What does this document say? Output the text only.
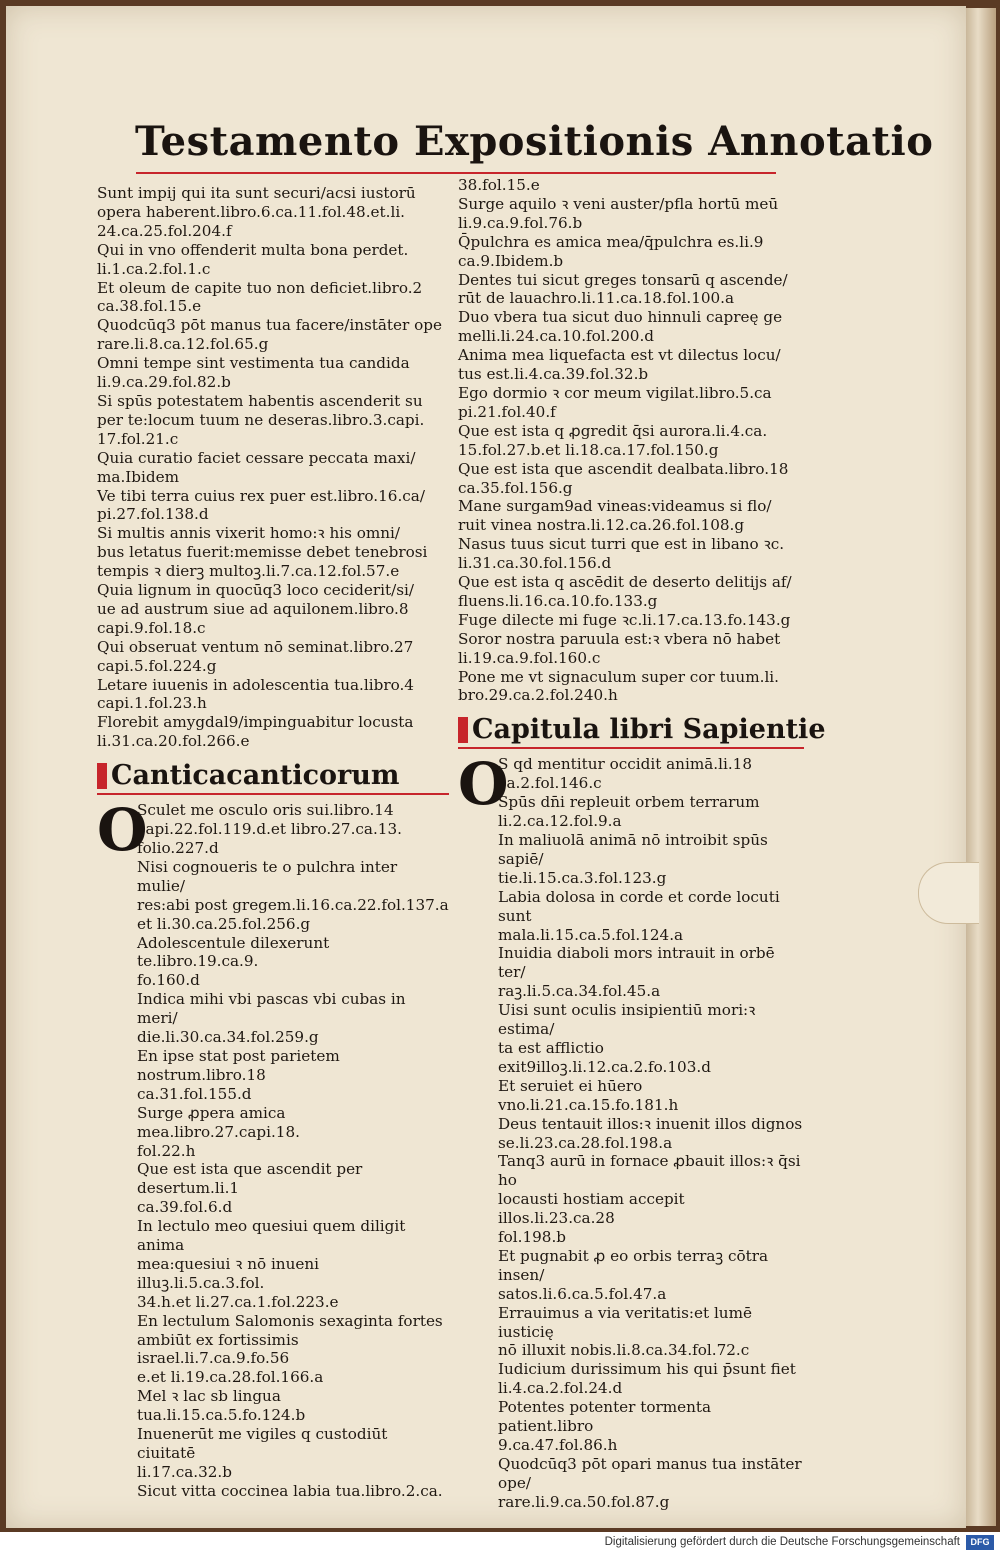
Testamento Expositionis Annotatio

Sunt impij qui ita sunt securi/acsi iustorū
opera haberent.libro.6.ca.11.fol.48.et.li.
24.ca.25.fol.204.f

Qui in vno offenderit multa bona perdet.
li.1.ca.2.fol.1.c

Et oleum de capite tuo non deficiet.libro.2
ca.38.fol.15.e

Quodcūq3 pōt manus tua facere/instāter ope
rare.li.8.ca.12.fol.65.g

Omni tempe sint vestimenta tua candida
li.9.ca.29.fol.82.b

Si spūs potestatem habentis ascenderit su
per te:locum tuum ne deseras.libro.3.capi.
17.fol.21.c

Quia curatio faciet cessare peccata maxi/
ma.Ibidem

Ve tibi terra cuius rex puer est.libro.16.ca/
pi.27.fol.138.d

Si multis annis vixerit homo:ꝛ his omni/
bus letatus fuerit:memisse debet tenebrosi
tempis ꝛ dierꝫ multoꝫ.li.7.ca.12.fol.57.e

Quia lignum in quocūq3 loco ceciderit/si/
ue ad austrum siue ad aquilonem.libro.8
capi.9.fol.18.c

Qui obseruat ventum nō seminat.libro.27
capi.5.fol.224.g

Letare iuuenis in adolescentia tua.libro.4
capi.1.fol.23.h

Florebit amygdal9/impinguabitur locusta
li.31.ca.20.fol.266.e

Canticacanticorum
O

Sculet me osculo oris sui.libro.14
capi.22.fol.119.d.et libro.27.ca.13.
folio.227.d

Nisi cognoueris te o pulchra inter mulie/
res:abi post gregem.li.16.ca.22.fol.137.a
et li.30.ca.25.fol.256.g

Adolescentule dilexerunt te.libro.19.ca.9.
fo.160.d

Indica mihi vbi pascas vbi cubas in meri/
die.li.30.ca.34.fol.259.g

En ipse stat post parietem nostrum.libro.18
ca.31.fol.155.d

Surge ꝓpera amica mea.libro.27.capi.18.
fol.22.h

Que est ista que ascendit per desertum.li.1
ca.39.fol.6.d

In lectulo meo quesiui quem diligit anima
mea:quesiui ꝛ nō inueni illuꝫ.li.5.ca.3.fol.
34.h.et li.27.ca.1.fol.223.e

En lectulum Salomonis sexaginta fortes
ambiūt ex fortissimis israel.li.7.ca.9.fo.56
e.et li.19.ca.28.fol.166.a

Mel ꝛ lac sb lingua tua.li.15.ca.5.fo.124.b

Inuenerūt me vigiles q custodiūt ciuitatē
li.17.ca.32.b

Sicut vitta coccinea labia tua.libro.2.ca.

38.fol.15.e

Surge aquilo ꝛ veni auster/pfla hortū meū
li.9.ca.9.fol.76.b

Q̄pulchra es amica mea/q̄pulchra es.li.9
ca.9.Ibidem.b

Dentes tui sicut greges tonsarū q ascende/
rūt de lauachro.li.11.ca.18.fol.100.a

Duo vbera tua sicut duo hinnuli capreę ge
melli.li.24.ca.10.fol.200.d

Anima mea liquefacta est vt dilectus locu/
tus est.li.4.ca.39.fol.32.b

Ego dormio ꝛ cor meum vigilat.libro.5.ca
pi.21.fol.40.f

Que est ista q ꝓgredit q̄si aurora.li.4.ca.
15.fol.27.b.et li.18.ca.17.fol.150.g

Que est ista que ascendit dealbata.libro.18
ca.35.fol.156.g

Mane surgam9ad vineas:videamus si flo/
ruit vinea nostra.li.12.ca.26.fol.108.g

Nasus tuus sicut turri que est in libano ꝛc.
li.31.ca.30.fol.156.d

Que est ista q ascēdit de deserto delitijs af/
fluens.li.16.ca.10.fo.133.g

Fuge dilecte mi fuge ꝛc.li.17.ca.13.fo.143.g

Soror nostra paruula est:ꝛ vbera nō habet
li.19.ca.9.fol.160.c

Pone me vt signaculum super cor tuum.li.
bro.29.ca.2.fol.240.h

Capitula libri Sapientie
O

S qd mentitur occidit animā.li.18
ca.2.fol.146.c

Spūs dn̄i repleuit orbem terrarum
li.2.ca.12.fol.9.a

In maliuolā animā nō introibit spūs sapiē/
tie.li.15.ca.3.fol.123.g

Labia dolosa in corde et corde locuti sunt
mala.li.15.ca.5.fol.124.a

Inuidia diaboli mors intrauit in orbē ter/
raꝫ.li.5.ca.34.fol.45.a

Uisi sunt oculis insipientiū mori:ꝛ estima/
ta est afflictio exit9illoꝫ.li.12.ca.2.fo.103.d

Et seruiet ei hūero vno.li.21.ca.15.fo.181.h

Deus tentauit illos:ꝛ inuenit illos dignos
se.li.23.ca.28.fol.198.a

Tanq3 aurū in fornace ꝓbauit illos:ꝛ q̄si ho
locausti hostiam accepit illos.li.23.ca.28
fol.198.b

Et pugnabit ꝓ eo orbis terraꝫ cōtra insen/
satos.li.6.ca.5.fol.47.a

Errauimus a via veritatis:et lumē iusticię
nō illuxit nobis.li.8.ca.34.fol.72.c

Iudicium durissimum his qui p̄sunt fiet
li.4.ca.2.fol.24.d

Potentes potenter tormenta patient.libro
9.ca.47.fol.86.h

Quodcūq3 pōt opari manus tua instāter ope/
rare.li.9.ca.50.fol.87.g

Digitalisierung gefördert durch die Deutsche Forschungsgemeinschaft	DFG
